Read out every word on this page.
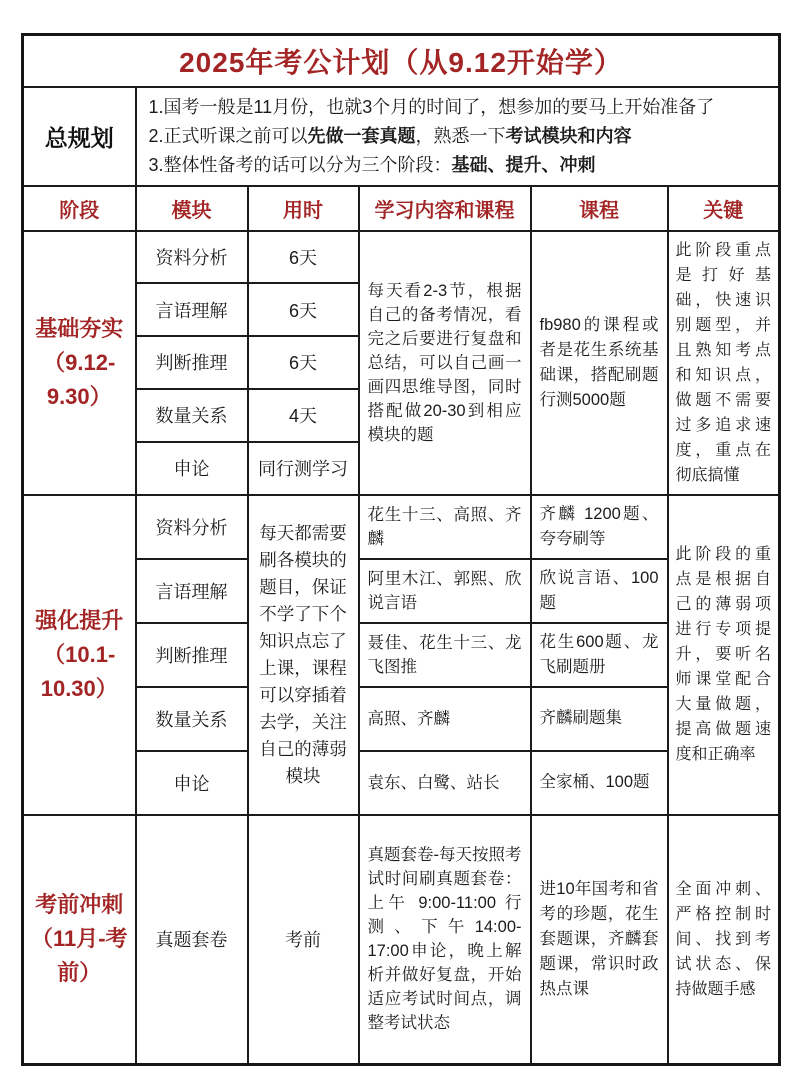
2025年考公计划（从9.12开始学）					
总规划	1.国考一般是11月份，也就3个月的时间了，想参加的要马上开始准备了
2.正式听课之前可以先做一套真题，熟悉一下考试模块和内容
3.整体性备考的话可以分为三个阶段：基础、提升、冲刺				

阶段	模块	用时	学习内容和课程	课程	关键
基础夯实
（9.12-9.30）	资料分析	6天	每天看2-3节，根据自己的备考情况，看完之后要进行复盘和总结，可以自己画一画四思维导图，同时搭配做20-30到相应模块的题	fb980的课程或者是花生系统基础课，搭配刷题行测5000题	此阶段重点是打好基础，快速识别题型，并且熟知考点和知识点，做题不需要过多追求速度，重点在彻底搞懂
	言语理解	6天			
	判断推理	6天			
	数量关系	4天			
	申论	同行测学习			
强化提升
（10.1-10.30）	资料分析	每天都需要刷各模块的题目，保证不学了下个知识点忘了上课，课程可以穿插着去学，关注自己的薄弱模块	花生十三、高照、齐麟	齐麟 1200题、夸夸刷等	此阶段的重点是根据自己的薄弱项进行专项提升，要听名师课堂配合大量做题，提高做题速度和正确率
	言语理解		阿里木江、郭熙、欣说言语	欣说言语、100题	
	判断推理		聂佳、花生十三、龙飞图推	花生600题、龙飞刷题册	
	数量关系		高照、齐麟	齐麟刷题集	
	申论		袁东、白鹭、站长	全家桶、100题	
考前冲刺
（11月-考前）	真题套卷	考前	真题套卷-每天按照考试时间刷真题套卷：上午 9:00-11:00 行测、下午14:00-17:00申论，晚上解析并做好复盘，开始适应考试时间点，调整考试状态	进10年国考和省考的珍题，花生套题课，齐麟套题课，常识时政热点课	全面冲刺、严格控制时间、找到考试状态、保持做题手感
